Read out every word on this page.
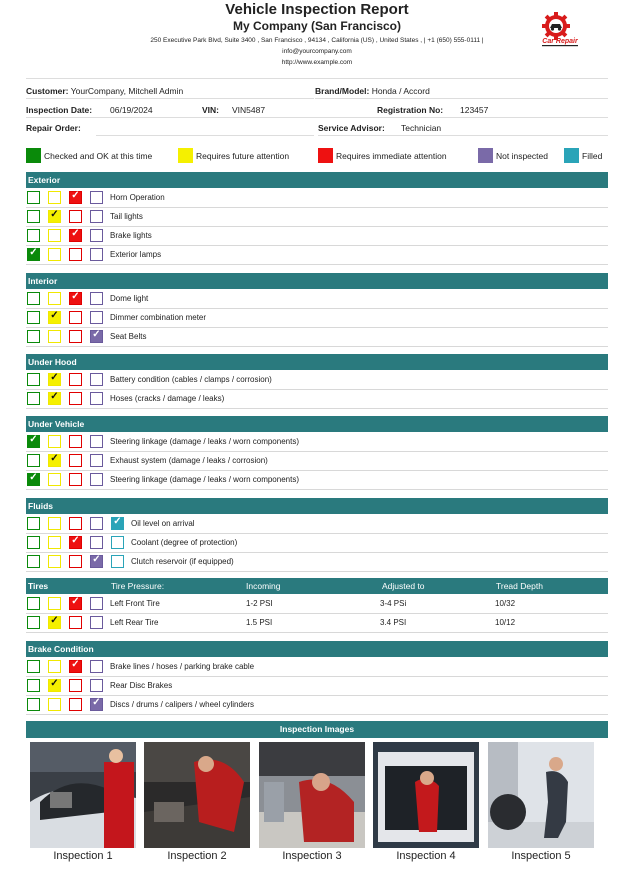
Vehicle Inspection Report
My Company (San Francisco)
250 Executive Park Blvd, Suite 3400 , San Francisco , 94134 , California (US) , United States , | +1 (650) 555-0111 |
info@yourcompany.com
http://www.example.com
Car Repair
Customer: YourCompany, Mitchell Admin	Brand/Model: Honda / Accord
Inspection Date: 06/19/2024	VIN: VIN5487	Registration No: 123457
Repair Order:	Service Advisor: Technician
Checked and OK at this time	Requires future attention	Requires immediate attention	Not inspected	Filled
Exterior
✓	Horn Operation
✓	Tail lights
✓	Brake lights
✓	Exterior lamps
Interior
✓	Dome light
✓	Dimmer combination meter
✓ Seat Belts
Under Hood
✓	Battery condition (cables / clamps / corrosion)
✓	Hoses (cracks / damage / leaks)
Under Vehicle
✓	Steering linkage (damage / leaks / worn components)
✓	Exhaust system (damage / leaks / corrosion)
✓	Steering linkage (damage / leaks / worn components)
Fluids
✓ Oil level on arrival
✓	Coolant (degree of protection)
✓	Clutch reservoir (if equipped)
Tires	Tire Pressure:	Incoming	Adjusted to	Tread Depth
✓	Left Front Tire	1-2 PSI	3-4 PSi	10/32
✓	Left Rear Tire	1.5 PSI	3.4 PSI	10/12
Brake Condition
✓	Brake lines / hoses / parking brake cable
✓	Rear Disc Brakes
✓ Discs / drums / calipers / wheel cylinders
Inspection Images
Inspection 1	Inspection 2	Inspection 3	Inspection 4	Inspection 5
